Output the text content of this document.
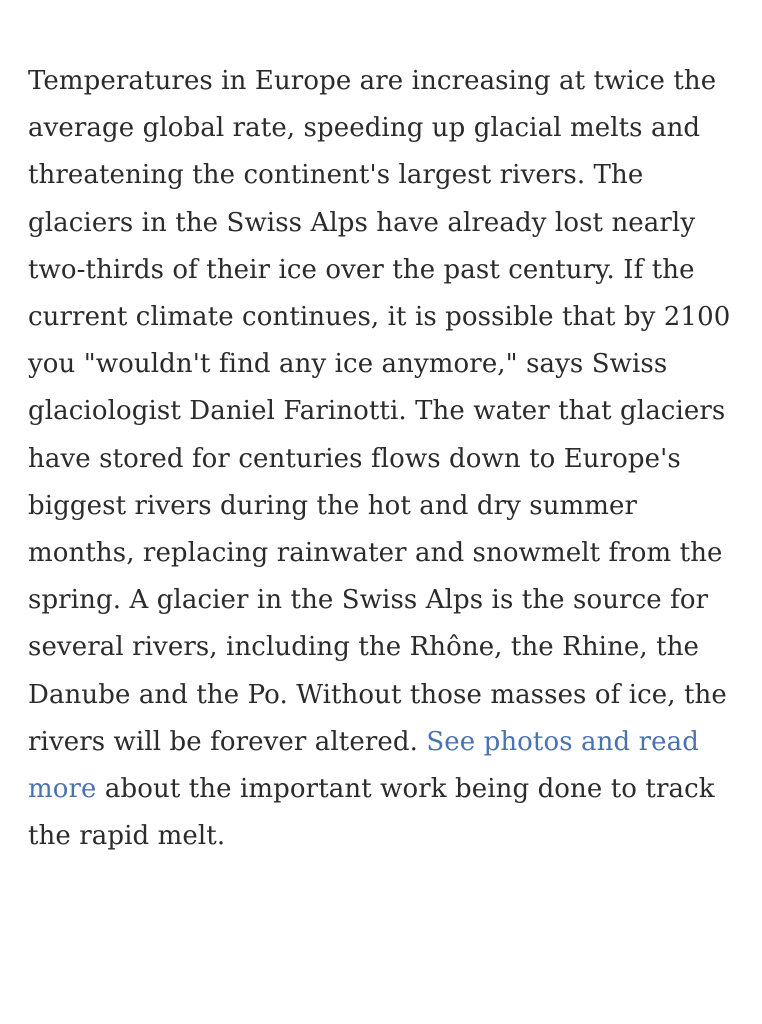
Temperatures in Europe are increasing at twice the average global rate, speeding up glacial melts and threatening the continent's largest rivers. The glaciers in the Swiss Alps have already lost nearly two-thirds of their ice over the past century. If the current climate continues, it is possible that by 2100 you "wouldn't find any ice anymore," says Swiss glaciologist Daniel Farinotti. The water that glaciers have stored for centuries flows down to Europe's biggest rivers during the hot and dry summer months, replacing rainwater and snowmelt from the spring. A glacier in the Swiss Alps is the source for several rivers, including the Rhône, the Rhine, the Danube and the Po. Without those masses of ice, the rivers will be forever altered. See photos and read more about the important work being done to track the rapid melt.
